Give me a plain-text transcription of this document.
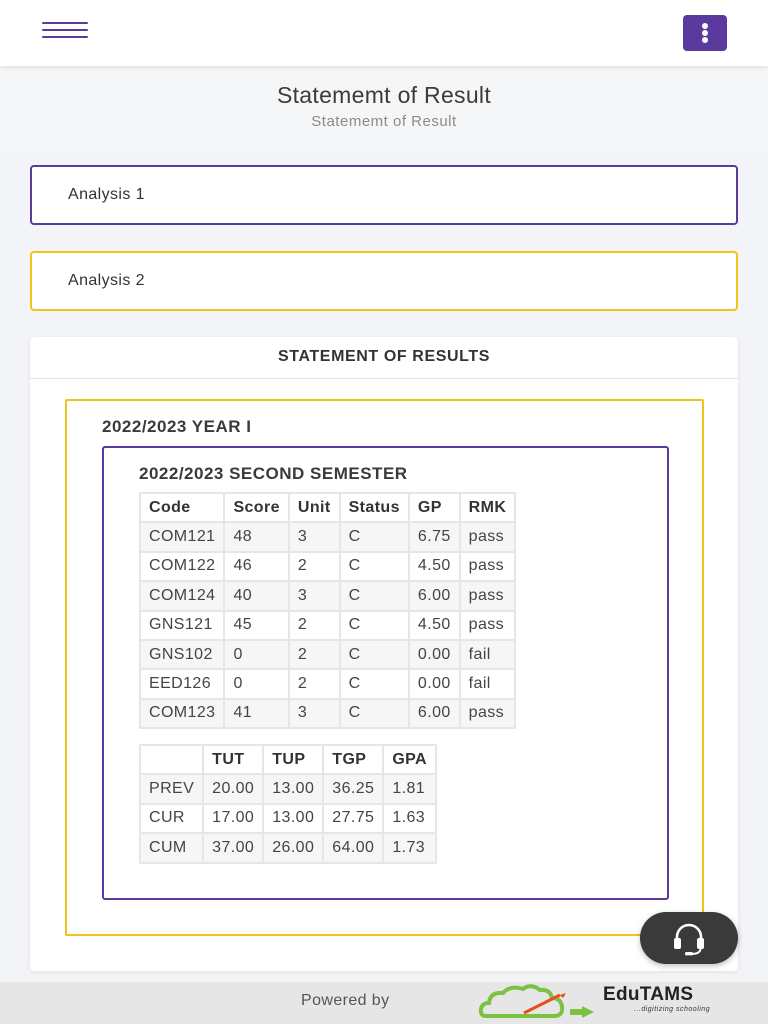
Statememt of Result
Statememt of Result
Analysis 1
Analysis 2
STATEMENT OF RESULTS
2022/2023 YEAR I
2022/2023 SECOND SEMESTER
Code	Score	Unit	Status	GP	RMK
COM121	48	3	C	6.75	pass
COM122	46	2	C	4.50	pass
COM124	40	3	C	6.00	pass
GNS121	45	2	C	4.50	pass
GNS102	0	2	C	0.00	fail
EED126	0	2	C	0.00	fail
COM123	41	3	C	6.00	pass
	TUT	TUP	TGP	GPA
PREV	20.00	13.00	36.25	1.81
CUR	17.00	13.00	27.75	1.63
CUM	37.00	26.00	64.00	1.73
Powered by	EduTAMS
...digitizing schooling
